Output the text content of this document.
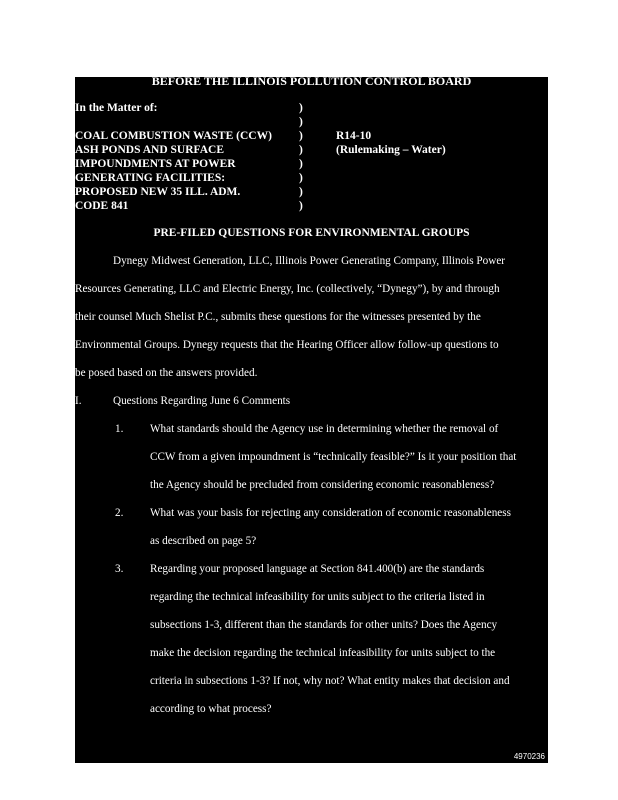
BEFORE THE ILLINOIS POLLUTION CONTROL BOARD
In the Matter of:	)
)
COAL COMBUSTION WASTE (CCW) )	R14-10
ASH PONDS AND SURFACE	)	(Rulemaking – Water)
IMPOUNDMENTS AT POWER	)
GENERATING FACILITIES:	)
PROPOSED NEW 35 ILL. ADM.	)
CODE 841	)
PRE-FILED QUESTIONS FOR ENVIRONMENTAL GROUPS
Dynegy Midwest Generation, LLC, Illinois Power Generating Company, Illinois Power
Resources Generating, LLC and Electric Energy, Inc. (collectively, “Dynegy”), by and through
their counsel Much Shelist P.C., submits these questions for the witnesses presented by the
Environmental Groups. Dynegy requests that the Hearing Officer allow follow-up questions to
be posed based on the answers provided.
I.	Questions Regarding June 6 Comments
1. What standards should the Agency use in determining whether the removal of
CCW from a given impoundment is “technically feasible?” Is it your position that
the Agency should be precluded from considering economic reasonableness?
2. What was your basis for rejecting any consideration of economic reasonableness
as described on page 5?
3. Regarding your proposed language at Section 841.400(b) are the standards
regarding the technical infeasibility for units subject to the criteria listed in
subsections 1-3, different than the standards for other units? Does the Agency
make the decision regarding the technical infeasibility for units subject to the
criteria in subsections 1-3? If not, why not? What entity makes that decision and
according to what process?
4970236
